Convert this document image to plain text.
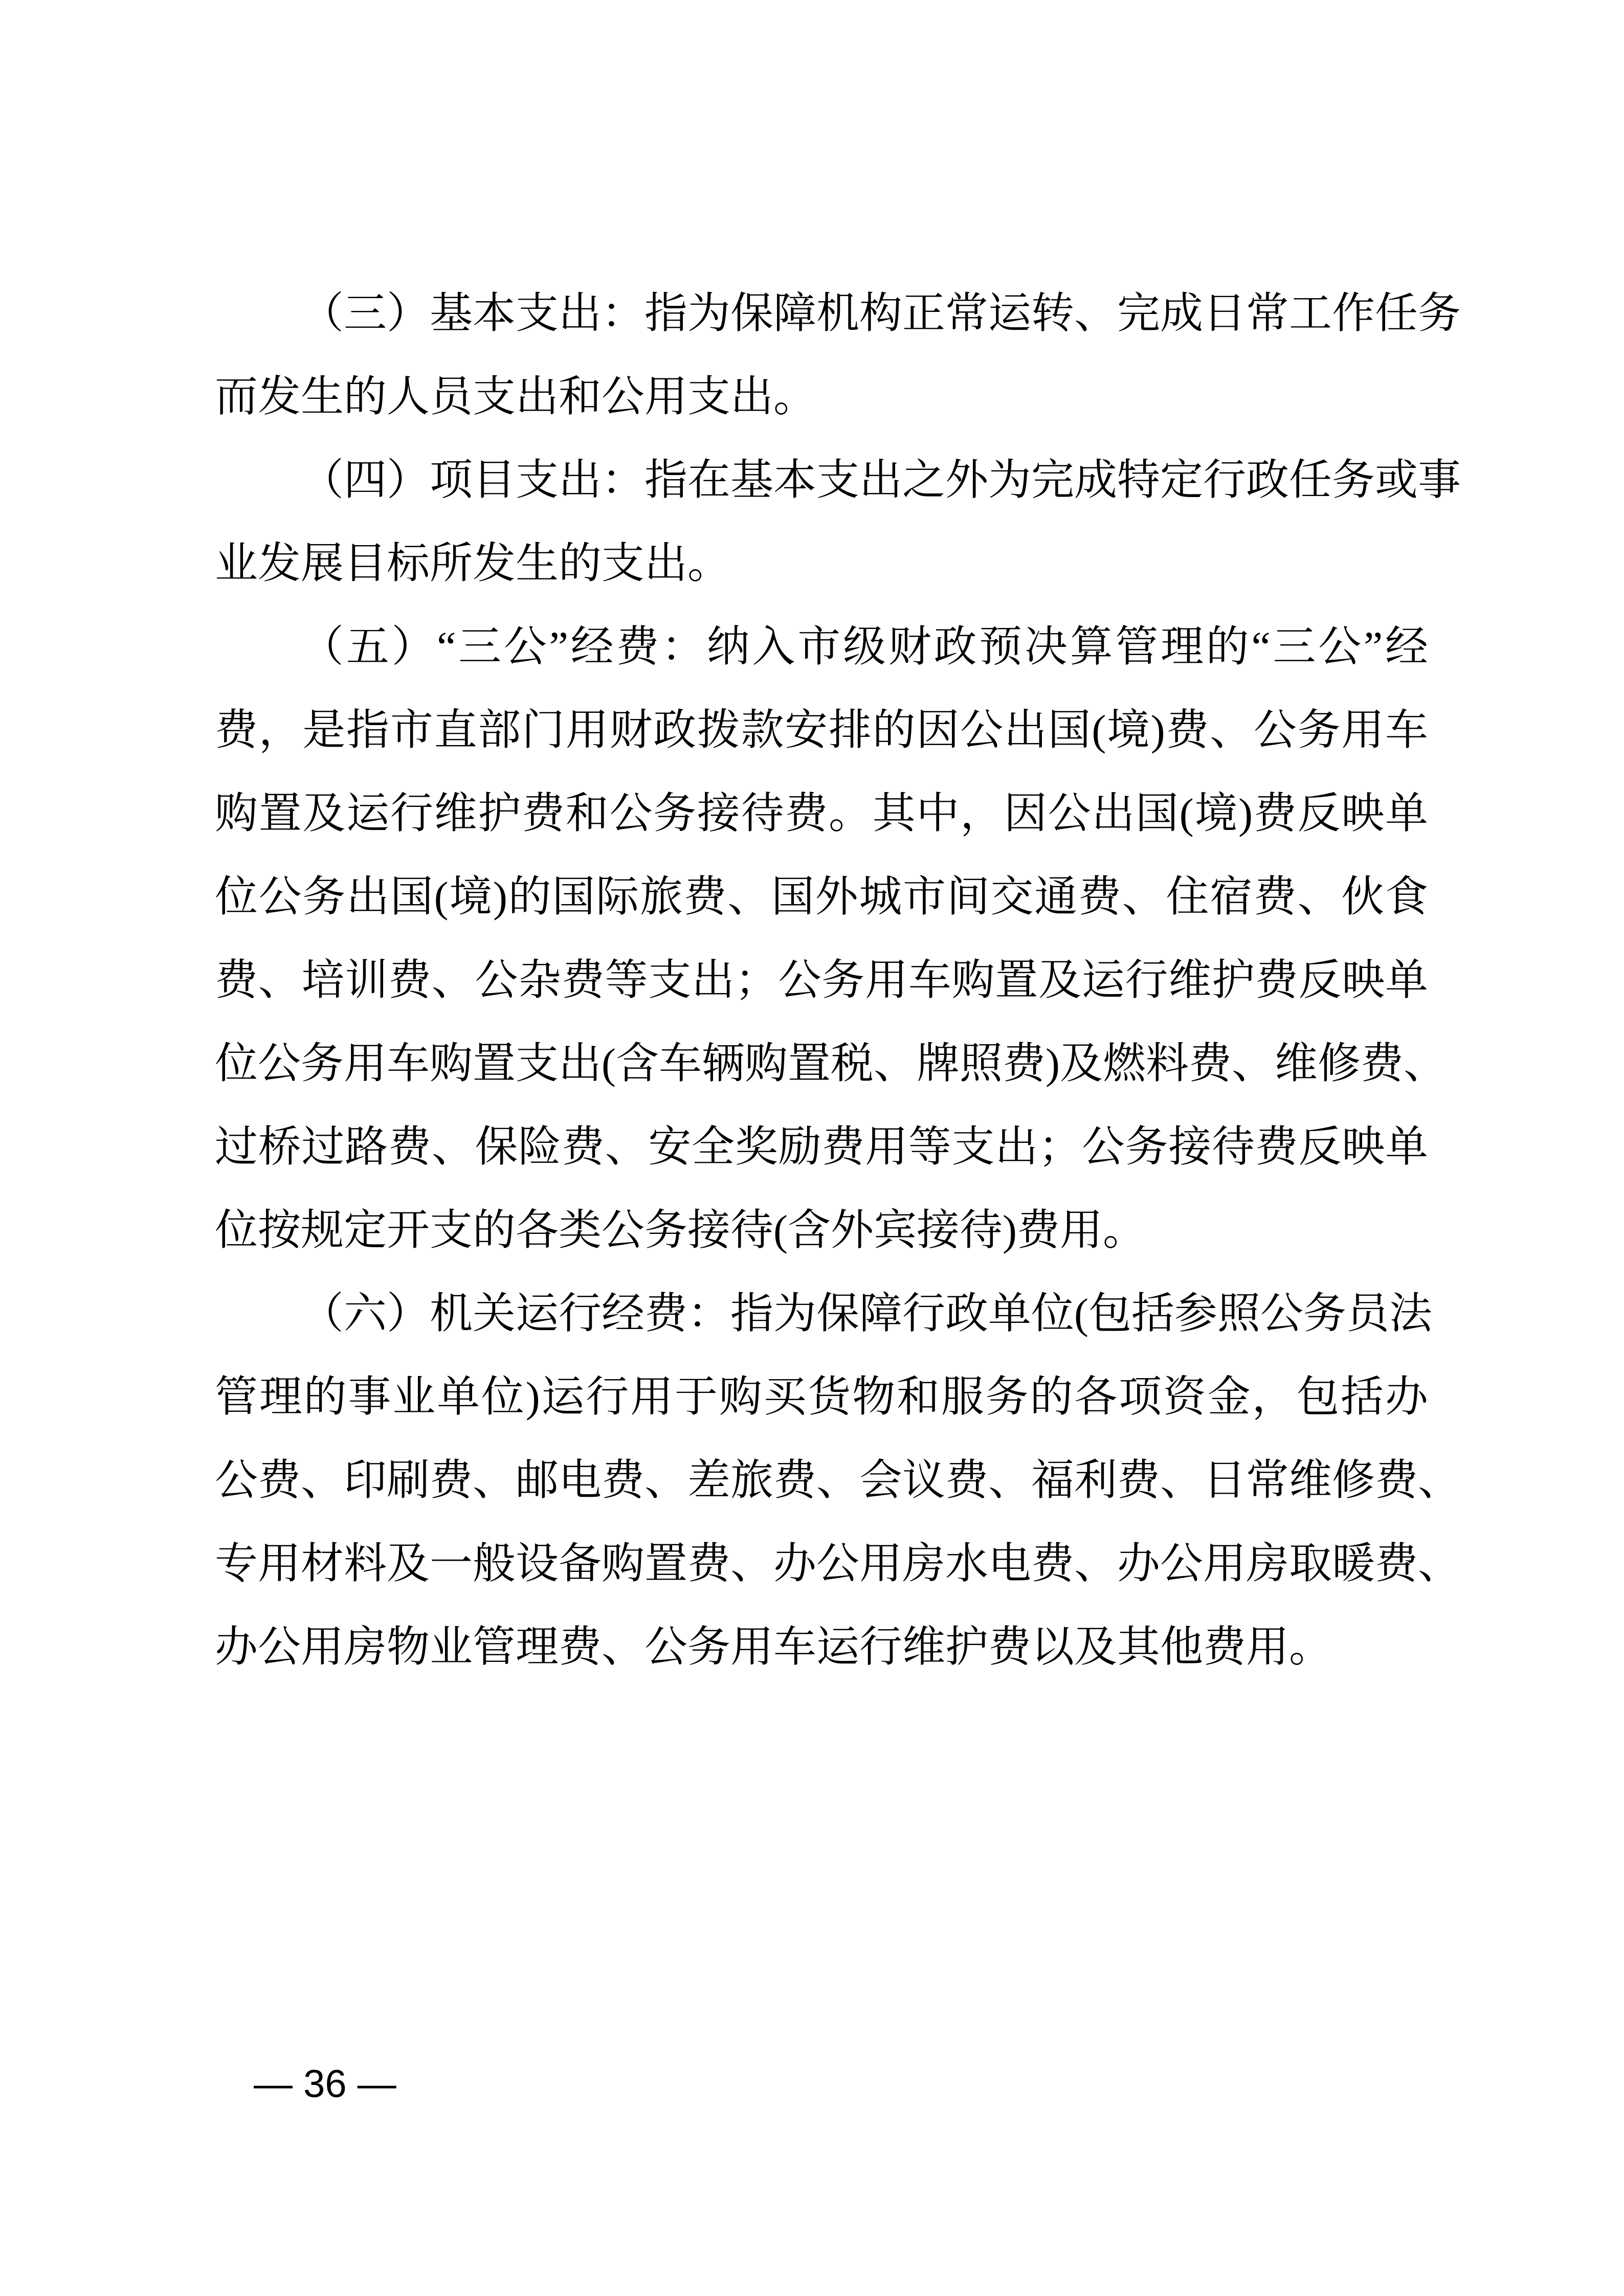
（三）基本支出：指为保障机构正常运转、完成日常工作任务
而发生的人员支出和公用支出。
（四）项目支出：指在基本支出之外为完成特定行政任务或事
业发展目标所发生的支出。
（五）“三公”经费：纳入市级财政预决算管理的“三公”经
费，是指市直部门用财政拨款安排的因公出国(境)费、公务用车
购置及运行维护费和公务接待费。其中，因公出国(境)费反映单
位公务出国(境)的国际旅费、国外城市间交通费、住宿费、伙食
费、培训费、公杂费等支出；公务用车购置及运行维护费反映单
位公务用车购置支出(含车辆购置税、牌照费)及燃料费、维修费、
过桥过路费、保险费、安全奖励费用等支出；公务接待费反映单
位按规定开支的各类公务接待(含外宾接待)费用。
（六）机关运行经费：指为保障行政单位(包括参照公务员法
管理的事业单位)运行用于购买货物和服务的各项资金，包括办
公费、印刷费、邮电费、差旅费、会议费、福利费、日常维修费、
专用材料及一般设备购置费、办公用房水电费、办公用房取暖费、
办公用房物业管理费、公务用车运行维护费以及其他费用。
— 36 —
